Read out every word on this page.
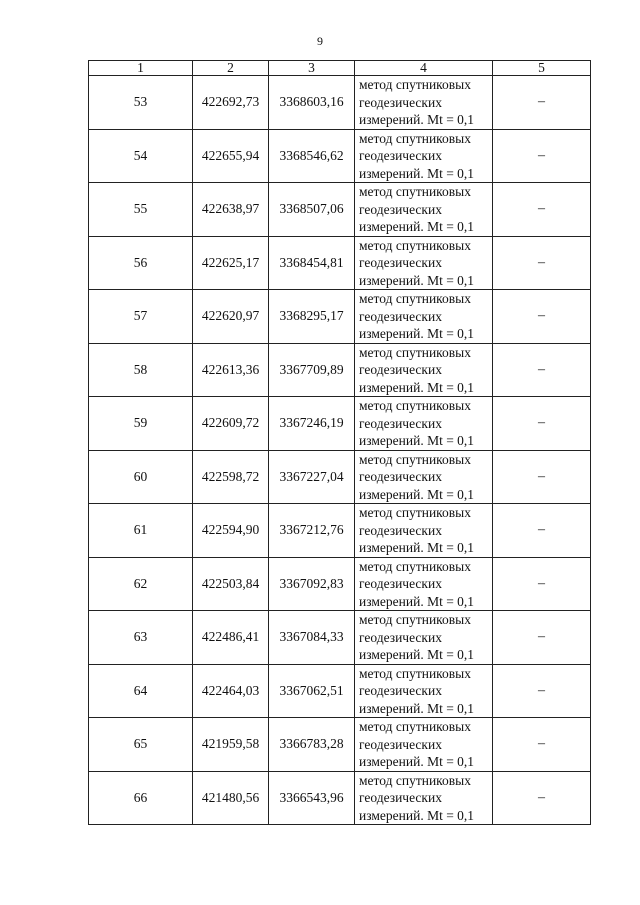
9
1	2	3	4	5
53	422692,73	3368603,16	метод спутниковых
геодезических
измерений. Mt = 0,1	–
54	422655,94	3368546,62	метод спутниковых
геодезических
измерений. Mt = 0,1	–
55	422638,97	3368507,06	метод спутниковых
геодезических
измерений. Mt = 0,1	–
56	422625,17	3368454,81	метод спутниковых
геодезических
измерений. Mt = 0,1	–
57	422620,97	3368295,17	метод спутниковых
геодезических
измерений. Mt = 0,1	–
58	422613,36	3367709,89	метод спутниковых
геодезических
измерений. Mt = 0,1	–
59	422609,72	3367246,19	метод спутниковых
геодезических
измерений. Mt = 0,1	–
60	422598,72	3367227,04	метод спутниковых
геодезических
измерений. Mt = 0,1	–
61	422594,90	3367212,76	метод спутниковых
геодезических
измерений. Mt = 0,1	–
62	422503,84	3367092,83	метод спутниковых
геодезических
измерений. Mt = 0,1	–
63	422486,41	3367084,33	метод спутниковых
геодезических
измерений. Mt = 0,1	–
64	422464,03	3367062,51	метод спутниковых
геодезических
измерений. Mt = 0,1	–
65	421959,58	3366783,28	метод спутниковых
геодезических
измерений. Mt = 0,1	–
66	421480,56	3366543,96	метод спутниковых
геодезических
измерений. Mt = 0,1	–
